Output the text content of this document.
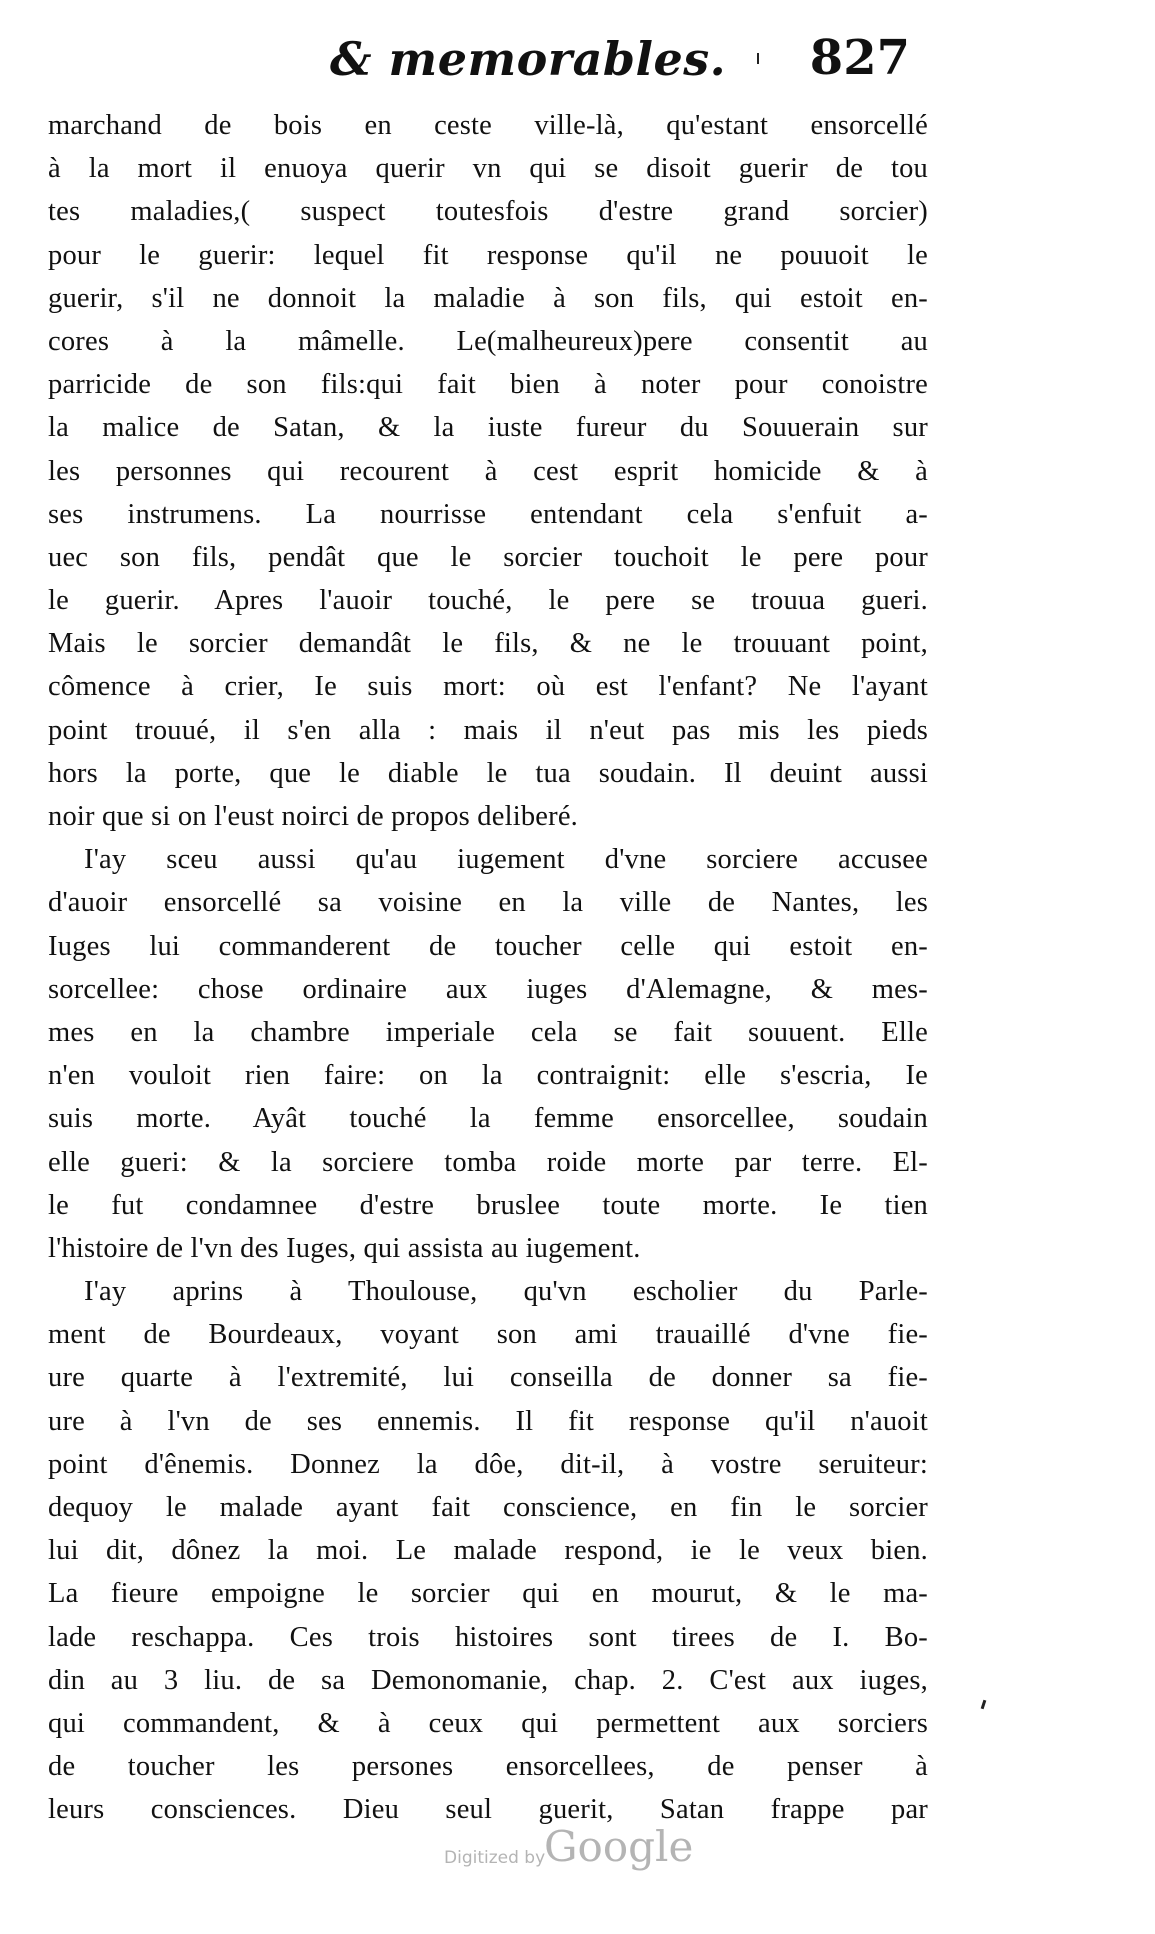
& memorables. 827
marchand de bois en ceste ville-là, qu'estant ensorcellé
à la mort il enuoya querir vn qui se disoit guerir de tou
tes maladies,( suspect toutesfois d'estre grand sorcier)
pour le guerir: lequel fit response qu'il ne pouuoit le
guerir, s'il ne donnoit la maladie à son fils, qui estoit en-
cores à la mâmelle. Le(malheureux)pere consentit au
parricide de son fils:qui fait bien à noter pour conoistre
la malice de Satan, & la iuste fureur du Souuerain sur
les personnes qui recourent à cest esprit homicide & à
ses instrumens. La nourrisse entendant cela s'enfuit a-
uec son fils, pendât que le sorcier touchoit le pere pour
le guerir. Apres l'auoir touché, le pere se trouua gueri.
Mais le sorcier demandât le fils, & ne le trouuant point,
cômence à crier, Ie suis mort: où est l'enfant? Ne l'ayant
point trouué, il s'en alla : mais il n'eut pas mis les pieds
hors la porte, que le diable le tua soudain. Il deuint aussi
noir que si on l'eust noirci de propos deliberé.
I'ay sceu aussi qu'au iugement d'vne sorciere accusee
d'auoir ensorcellé sa voisine en la ville de Nantes, les
Iuges lui commanderent de toucher celle qui estoit en-
sorcellee: chose ordinaire aux iuges d'Alemagne, & mes-
mes en la chambre imperiale cela se fait souuent. Elle
n'en vouloit rien faire: on la contraignit: elle s'escria, Ie
suis morte. Ayât touché la femme ensorcellee, soudain
elle gueri: & la sorciere tomba roide morte par terre. El-
le fut condamnee d'estre bruslee toute morte. Ie tien
l'histoire de l'vn des Iuges, qui assista au iugement.
I'ay aprins à Thoulouse, qu'vn escholier du Parle-
ment de Bourdeaux, voyant son ami trauaillé d'vne fie-
ure quarte à l'extremité, lui conseilla de donner sa fie-
ure à l'vn de ses ennemis. Il fit response qu'il n'auoit
point d'ênemis. Donnez la dôe, dit-il, à vostre seruiteur:
dequoy le malade ayant fait conscience, en fin le sorcier
lui dit, dônez la moi. Le malade respond, ie le veux bien.
La fieure empoigne le sorcier qui en mourut, & le ma-
lade reschappa. Ces trois histoires sont tirees de I. Bo-
din au 3 liu. de sa Demonomanie, chap. 2. C'est aux iuges,
qui commandent, & à ceux qui permettent aux sorciers
de toucher les persones ensorcellees, de penser à
leurs consciences. Dieu seul guerit, Satan frappe par
Digitized by
Google
